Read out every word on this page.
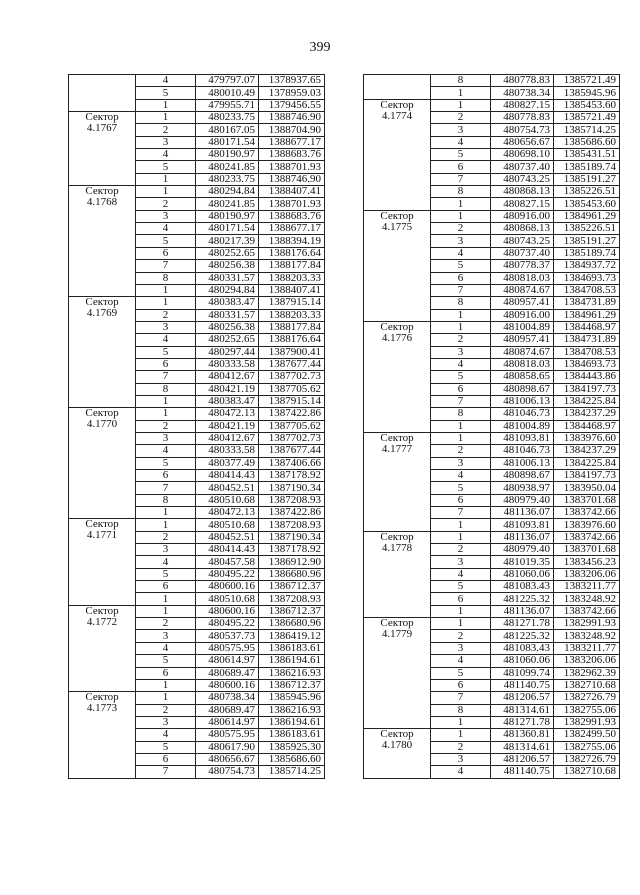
399
	4	479797.07	1378937.65
	5	480010.49	1378959.03
	1	479955.71	1379456.55

Сектор
4.1767	1	480233.75	1388746.90
	2	480167.05	1388704.90
	3	480171.54	1388677.17
	4	480190.97	1388683.76
	5	480241.85	1388701.93
	1	480233.75	1388746.90

Сектор
4.1768	1	480294.84	1388407.41
	2	480241.85	1388701.93
	3	480190.97	1388683.76
	4	480171.54	1388677.17
	5	480217.39	1388394.19
	6	480252.65	1388176.64
	7	480256.38	1388177.84
	8	480331.57	1388203.33
	1	480294.84	1388407.41

Сектор
4.1769	1	480383.47	1387915.14
	2	480331.57	1388203.33
	3	480256.38	1388177.84
	4	480252.65	1388176.64
	5	480297.44	1387900.41
	6	480333.58	1387677.44
	7	480412.67	1387702.73
	8	480421.19	1387705.62
	1	480383.47	1387915.14

Сектор
4.1770	1	480472.13	1387422.86
	2	480421.19	1387705.62
	3	480412.67	1387702.73
	4	480333.58	1387677.44
	5	480377.49	1387406.66
	6	480414.43	1387178.92
	7	480452.51	1387190.34
	8	480510.68	1387208.93
	1	480472.13	1387422.86

Сектор
4.1771	1	480510.68	1387208.93
	2	480452.51	1387190.34
	3	480414.43	1387178.92
	4	480457.58	1386912.90
	5	480495.22	1386680.96
	6	480600.16	1386712.37
	1	480510.68	1387208.93

Сектор
4.1772	1	480600.16	1386712.37
	2	480495.22	1386680.96
	3	480537.73	1386419.12
	4	480575.95	1386183.61
	5	480614.97	1386194.61
	6	480689.47	1386216.93
	1	480600.16	1386712.37

Сектор
4.1773	1	480738.34	1385945.96
	2	480689.47	1386216.93
	3	480614.97	1386194.61
	4	480575.95	1386183.61
	5	480617.90	1385925.30
	6	480656.67	1385686.60
	7	480754.73	1385714.25
	8	480778.83	1385721.49
	1	480738.34	1385945.96

Сектор
4.1774	1	480827.15	1385453.60
	2	480778.83	1385721.49
	3	480754.73	1385714.25
	4	480656.67	1385686.60
	5	480698.10	1385431.51
	6	480737.40	1385189.74
	7	480743.25	1385191.27
	8	480868.13	1385226.51
	1	480827.15	1385453.60

Сектор
4.1775	1	480916.00	1384961.29
	2	480868.13	1385226.51
	3	480743.25	1385191.27
	4	480737.40	1385189.74
	5	480778.37	1384937.72
	6	480818.03	1384693.73
	7	480874.67	1384708.53
	8	480957.41	1384731.89
	1	480916.00	1384961.29

Сектор
4.1776	1	481004.89	1384468.97
	2	480957.41	1384731.89
	3	480874.67	1384708.53
	4	480818.03	1384693.73
	5	480858.65	1384443.86
	6	480898.67	1384197.73
	7	481006.13	1384225.84
	8	481046.73	1384237.29
	1	481004.89	1384468.97

Сектор
4.1777	1	481093.81	1383976.60
	2	481046.73	1384237.29
	3	481006.13	1384225.84
	4	480898.67	1384197.73
	5	480938.97	1383950.04
	6	480979.40	1383701.68
	7	481136.07	1383742.66
	1	481093.81	1383976.60

Сектор
4.1778	1	481136.07	1383742.66
	2	480979.40	1383701.68
	3	481019.35	1383456.23
	4	481060.06	1383206.06
	5	481083.43	1383211.77
	6	481225.32	1383248.92
	1	481136.07	1383742.66

Сектор
4.1779	1	481271.78	1382991.93
	2	481225.32	1383248.92
	3	481083.43	1383211.77
	4	481060.06	1383206.06
	5	481099.74	1382962.39
	6	481140.75	1382710.68
	7	481206.57	1382726.79
	8	481314.61	1382755.06
	1	481271.78	1382991.93

Сектор
4.1780	1	481360.81	1382499.50
	2	481314.61	1382755.06
	3	481206.57	1382726.79
	4	481140.75	1382710.68
